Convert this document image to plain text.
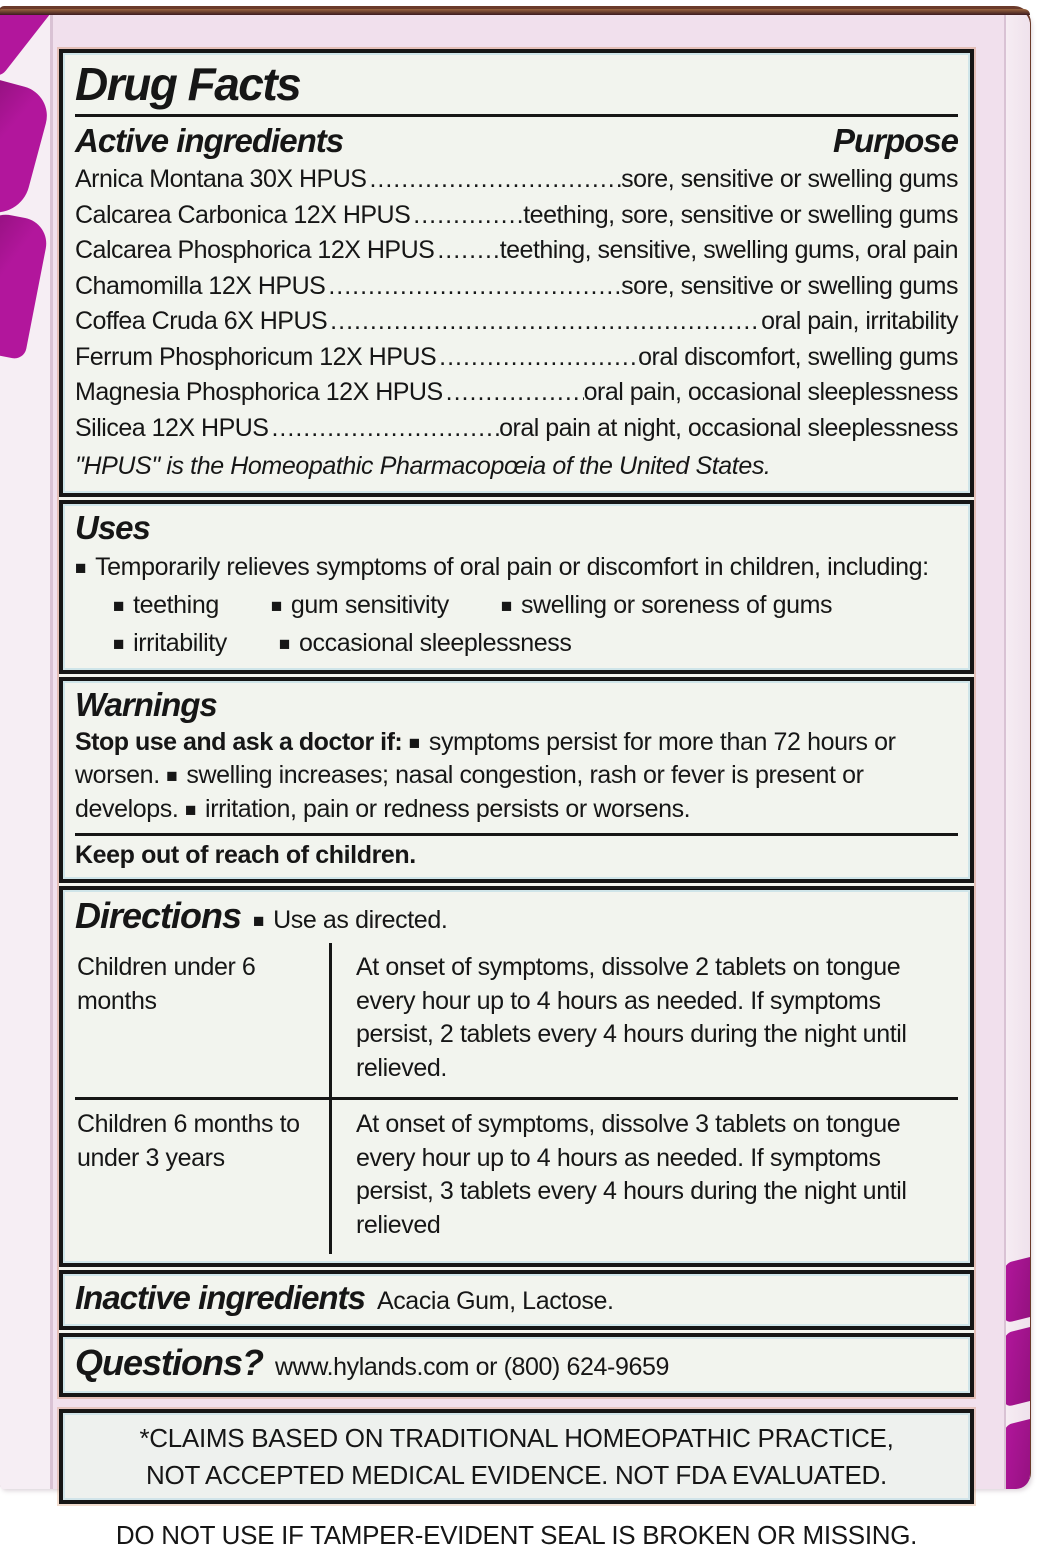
Drug Facts
Active ingredients	Purpose
Arnica Montana 30X HPUS .....	sore, sensitive or swelling gums
Calcarea Carbonica 12X HPUS .....	teething, sore, sensitive or swelling gums
Calcarea Phosphorica 12X HPUS .....	teething, sensitive, swelling gums, oral pain
Chamomilla 12X HPUS .....	sore, sensitive or swelling gums
Coffea Cruda 6X HPUS .....	oral pain, irritability
Ferrum Phosphoricum 12X HPUS .....	oral discomfort, swelling gums
Magnesia Phosphorica 12X HPUS .....	oral pain, occasional sleeplessness
Silicea 12X HPUS .....	oral pain at night, occasional sleeplessness
"HPUS" is the Homeopathic Pharmacopœia of the United States.
Uses
■ Temporarily relieves symptoms of oral pain or discomfort in children, including:
■ teething	■ gum sensitivity	■ swelling or soreness of gums
■ irritability	■ occasional sleeplessness
Warnings

Stop use and ask a doctor if: ■ symptoms persist for more than 72 hours or worsen. ■ swelling increases; nasal congestion, rash or fever is present or develops. ■ irritation, pain or redness persists or worsens.

Keep out of reach of children.
Directions ■ Use as directed.
Children under 6 months
At onset of symptoms, dissolve 2 tablets on tongue every hour up to 4 hours as needed. If symptoms persist, 2 tablets every 4 hours during the night until relieved.
Children 6 months to under 3 years
At onset of symptoms, dissolve 3 tablets on tongue every hour up to 4 hours as needed. If symptoms persist, 3 tablets every 4 hours during the night until relieved
Inactive ingredients Acacia Gum, Lactose.
Questions? www.hylands.com or (800) 624-9659
*CLAIMS BASED ON TRADITIONAL HOMEOPATHIC PRACTICE,
NOT ACCEPTED MEDICAL EVIDENCE. NOT FDA EVALUATED.
DO NOT USE IF TAMPER-EVIDENT SEAL IS BROKEN OR MISSING.
